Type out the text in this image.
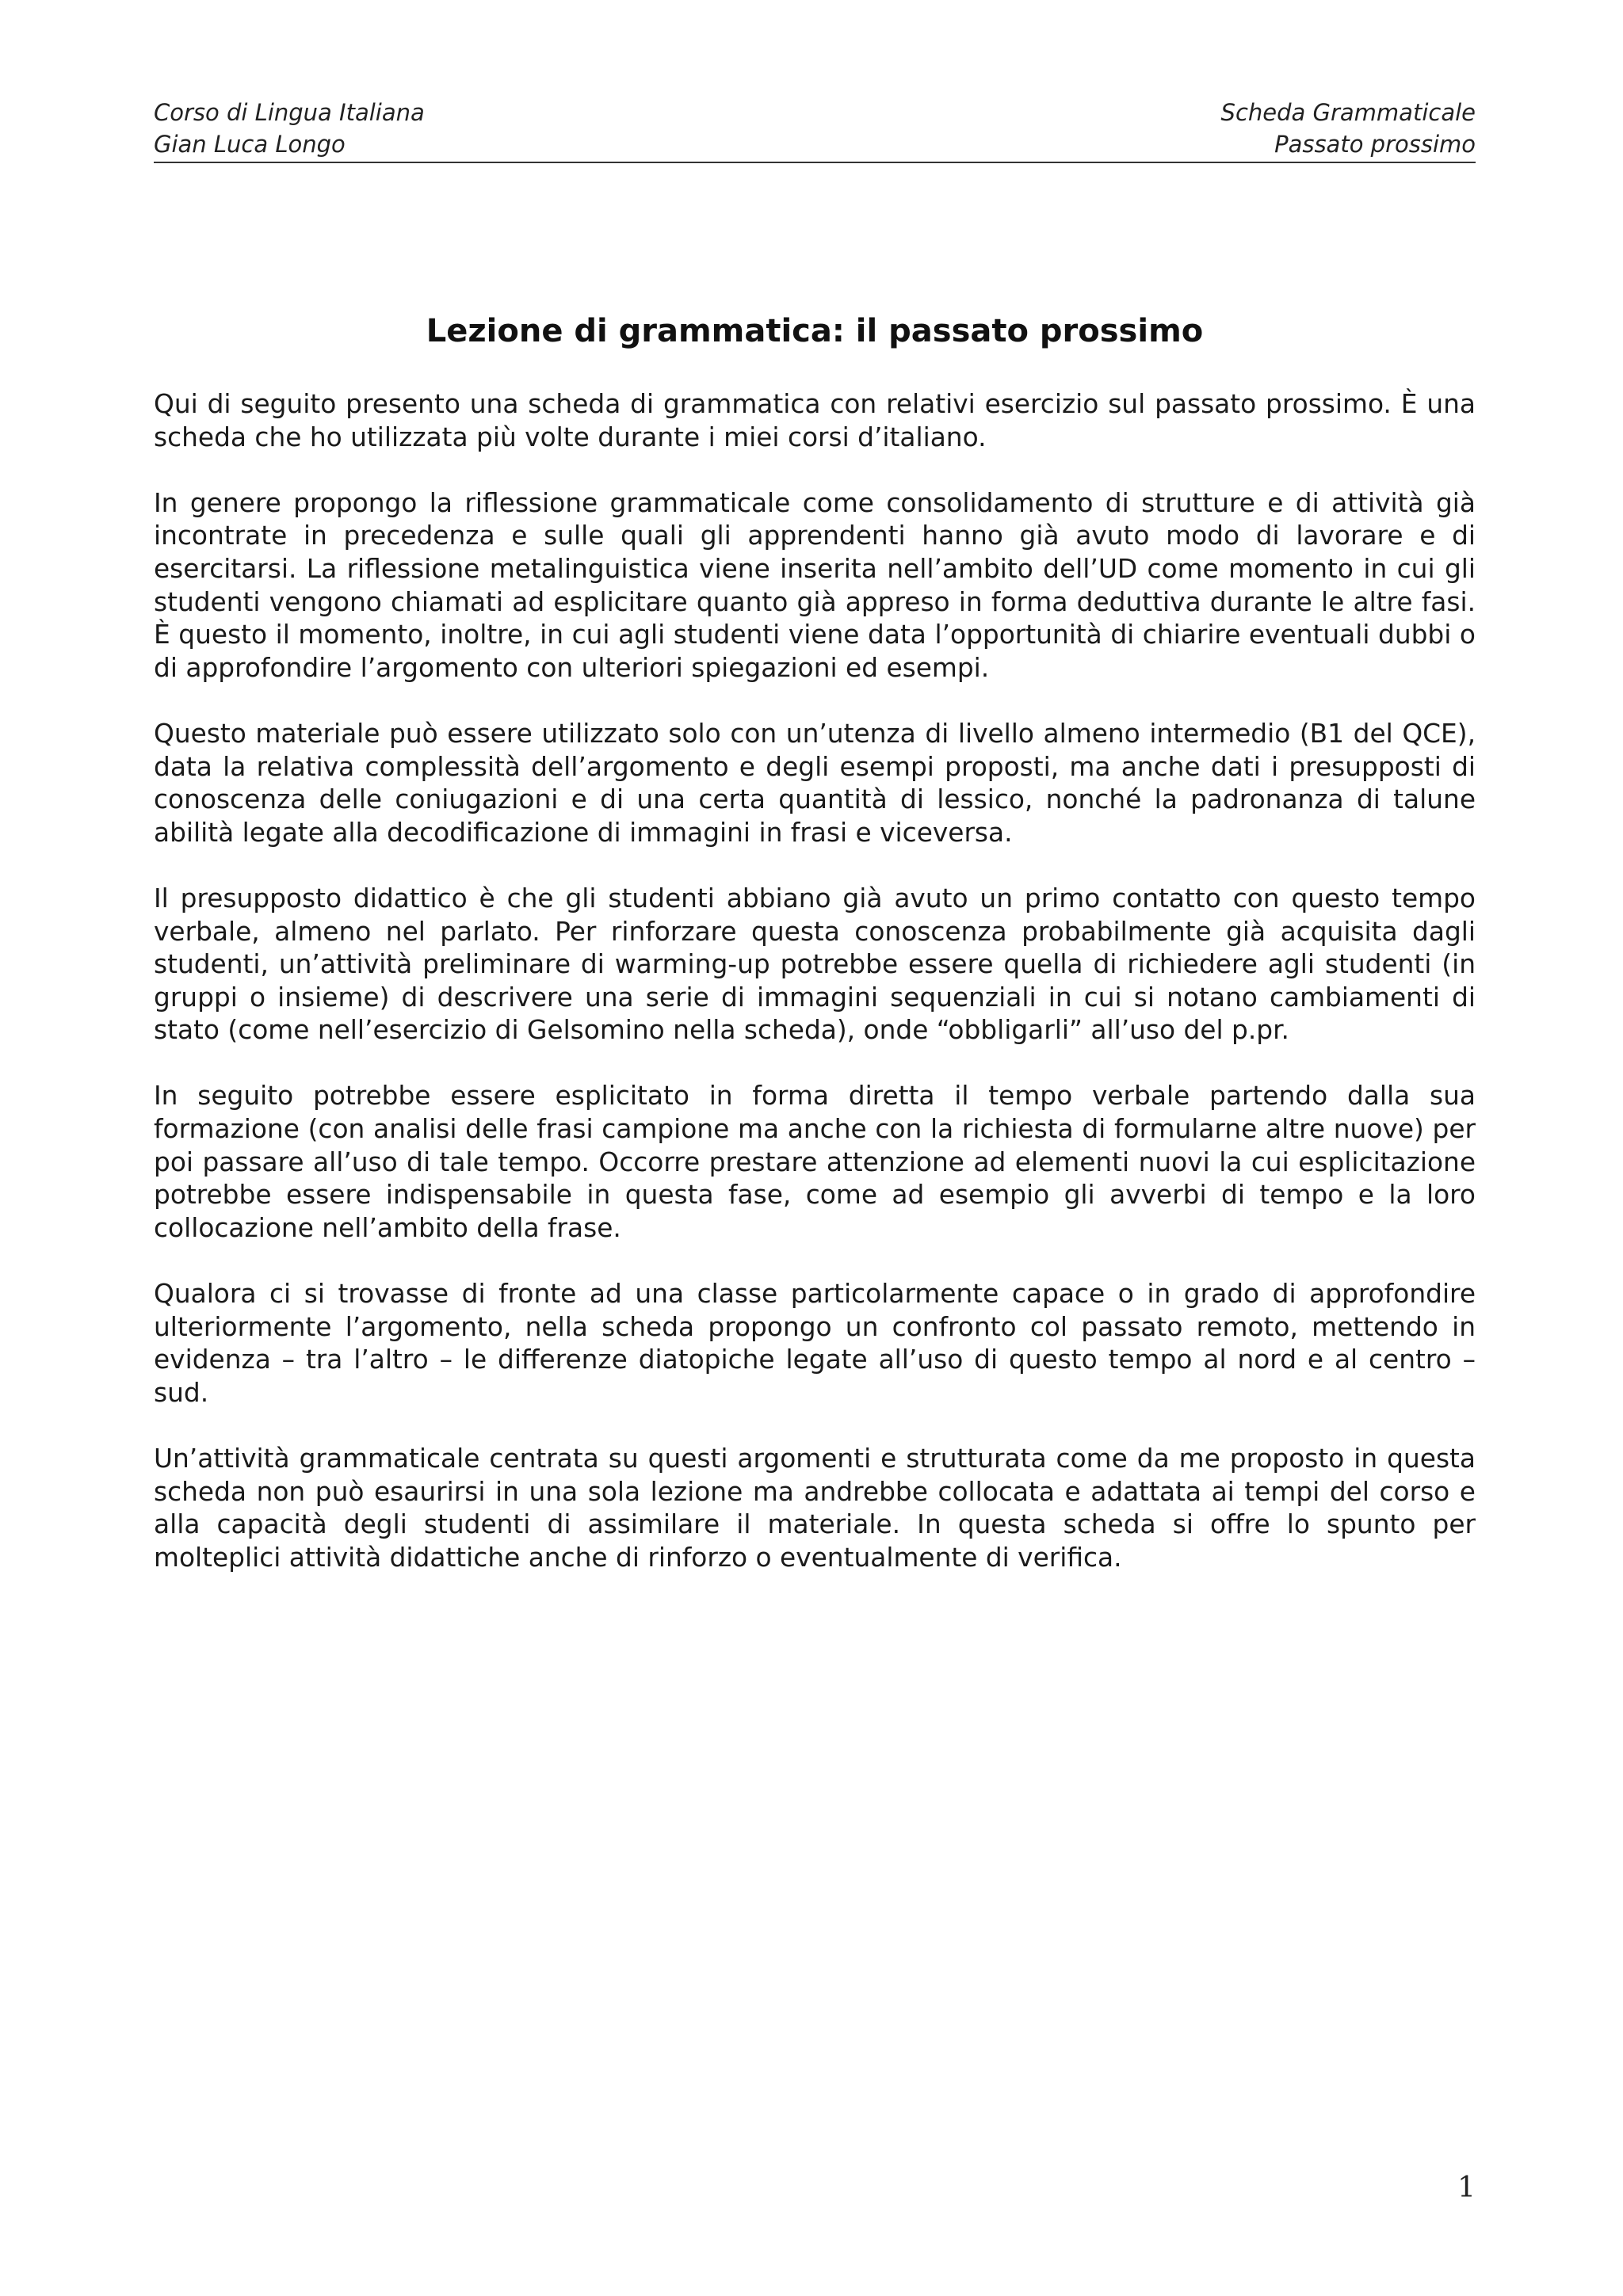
Corso di Lingua Italiana
Gian Luca Longo
Scheda Grammaticale
Passato prossimo
Lezione di grammatica: il passato prossimo

Qui di seguito presento una scheda di grammatica con relativi esercizio sul passato prossimo. È una scheda che ho utilizzata più volte durante i miei corsi d’italiano.

In genere propongo la riflessione grammaticale come consolidamento di strutture e di attività già incontrate in precedenza e sulle quali gli apprendenti hanno già avuto modo di lavorare e di esercitarsi. La riflessione metalinguistica viene inserita nell’ambito dell’UD come momento in cui gli studenti vengono chiamati ad esplicitare quanto già appreso in forma deduttiva durante le altre fasi. È questo il momento, inoltre, in cui agli studenti viene data l’opportunità di chiarire eventuali dubbi o di approfondire l’argomento con ulteriori spiegazioni ed esempi.

Questo materiale può essere utilizzato solo con un’utenza di livello almeno intermedio (B1 del QCE), data la relativa complessità dell’argomento e degli esempi proposti, ma anche dati i presupposti di conoscenza delle coniugazioni e di una certa quantità di lessico, nonché la padronanza di talune abilità legate alla decodificazione di immagini in frasi e viceversa.

Il presupposto didattico è che gli studenti abbiano già avuto un primo contatto con questo tempo verbale, almeno nel parlato. Per rinforzare questa conoscenza probabilmente già acquisita dagli studenti, un’attività preliminare di warming-up potrebbe essere quella di richiedere agli studenti (in gruppi o insieme) di descrivere una serie di immagini sequenziali in cui si notano cambiamenti di stato (come nell’esercizio di Gelsomino nella scheda), onde “obbligarli” all’uso del p.pr.

In seguito potrebbe essere esplicitato in forma diretta il tempo verbale partendo dalla sua formazione (con analisi delle frasi campione ma anche con la richiesta di formularne altre nuove) per poi passare all’uso di tale tempo. Occorre prestare attenzione ad elementi nuovi la cui esplicitazione potrebbe essere indispensabile in questa fase, come ad esempio gli avverbi di tempo e la loro collocazione nell’ambito della frase.

Qualora ci si trovasse di fronte ad una classe particolarmente capace o in grado di approfondire ulteriormente l’argomento, nella scheda propongo un confronto col passato remoto, mettendo in evidenza – tra l’altro – le differenze diatopiche legate all’uso di questo tempo al nord e al centro – sud.

Un’attività grammaticale centrata su questi argomenti e strutturata come da me proposto in questa scheda non può esaurirsi in una sola lezione ma andrebbe collocata e adattata ai tempi del corso e alla capacità degli studenti di assimilare il materiale. In questa scheda si offre lo spunto per molteplici attività didattiche anche di rinforzo o eventualmente di verifica.

1
